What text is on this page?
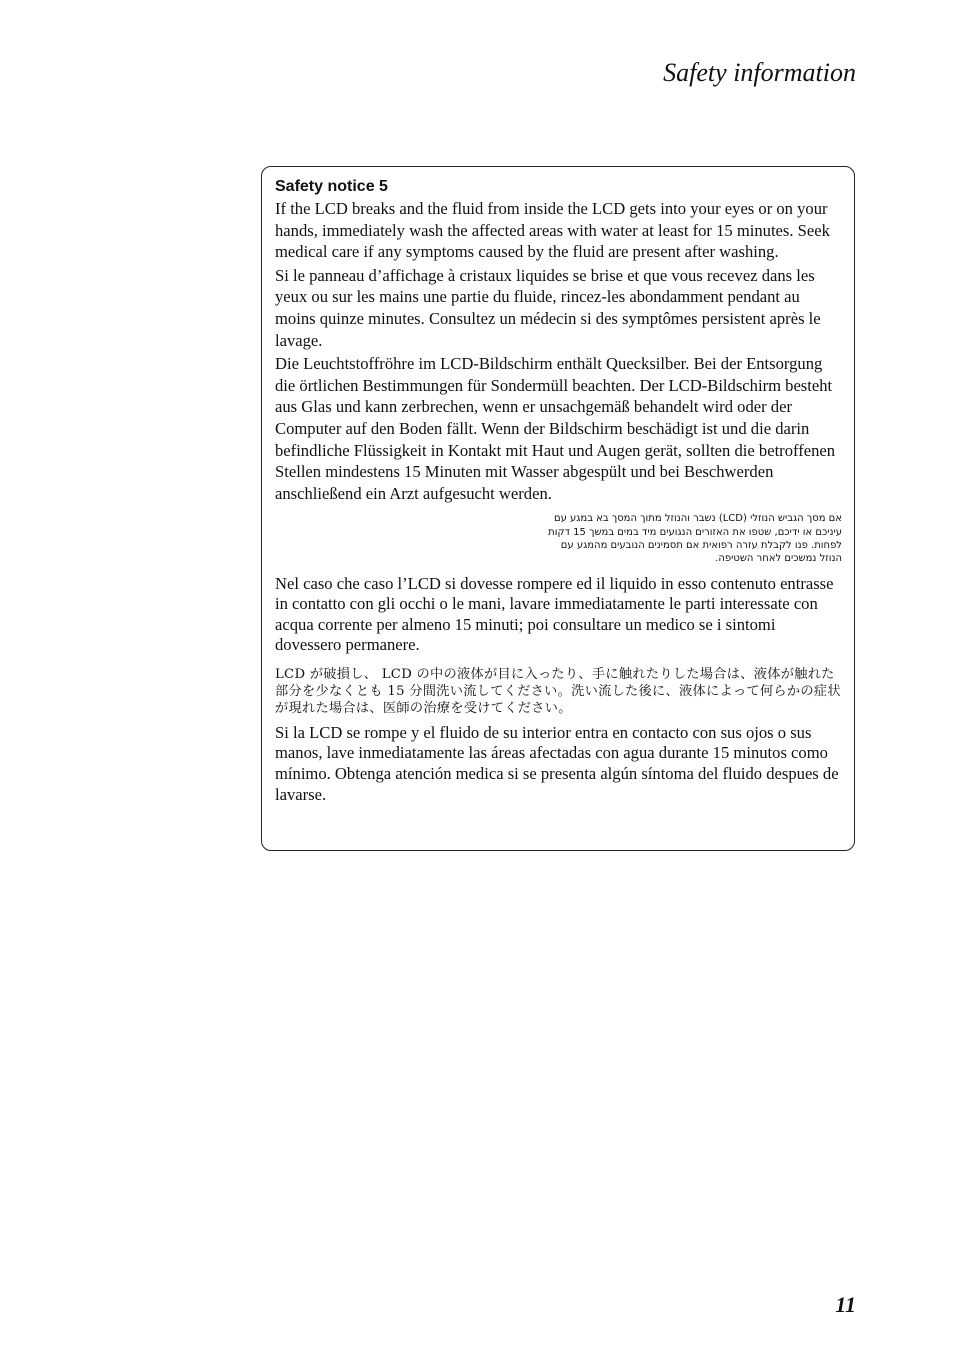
Safety information
Safety notice 5

If the LCD breaks and the fluid from inside the LCD gets into your eyes or on your hands, immediately wash the affected areas with water at least for 15 minutes. Seek medical care if any symptoms caused by the fluid are present after washing.

Si le panneau d’affichage à cristaux liquides se brise et que vous recevez dans les yeux ou sur les mains une partie du fluide, rincez-les abondamment pendant au moins quinze minutes. Consultez un médecin si des symptômes persistent après le lavage.

Die Leuchtstoffröhre im LCD-Bildschirm enthält Quecksilber. Bei der Entsorgung die örtlichen Bestimmungen für Sondermüll beachten. Der LCD-Bildschirm besteht aus Glas und kann zerbrechen, wenn er unsachgemäß behandelt wird oder der Computer auf den Boden fällt. Wenn der Bildschirm beschädigt ist und die darin befindliche Flüssigkeit in Kontakt mit Haut und Augen gerät, sollten die betroffenen Stellen mindestens 15 Minuten mit Wasser abgespült und bei Beschwerden anschließend ein Arzt aufgesucht werden.

אם מסך הגביש הנוזלי (LCD) נשבר והנוזל מתוך המסך בא במגע עם עיניכם או ידיכם, שטפו את האזורים הנגועים מיד במים במשך 15 דקות לפחות. פנו לקבלת עזרה רפואית אם תסמינים הנובעים מהמגע עם הנוזל נמשכים לאחר השטיפה.

Nel caso che caso l’LCD si dovesse rompere ed il liquido in esso contenuto entrasse in contatto con gli occhi o le mani, lavare immediatamente le parti interessate con acqua corrente per almeno 15 minuti; poi consultare un medico se i sintomi dovessero permanere.

LCD が破損し、 LCD の中の液体が目に入ったり、手に触れたりした場合は、液体が触れた部分を少なくとも 15 分間洗い流してください。洗い流した後に、液体によって何らかの症状が現れた場合は、医師の治療を受けてください。

Si la LCD se rompe y el fluido de su interior entra en contacto con sus ojos o sus manos, lave inmediatamente las áreas afectadas con agua durante 15 minutos como mínimo. Obtenga atención medica si se presenta algún síntoma del fluido despues de lavarse.

11
